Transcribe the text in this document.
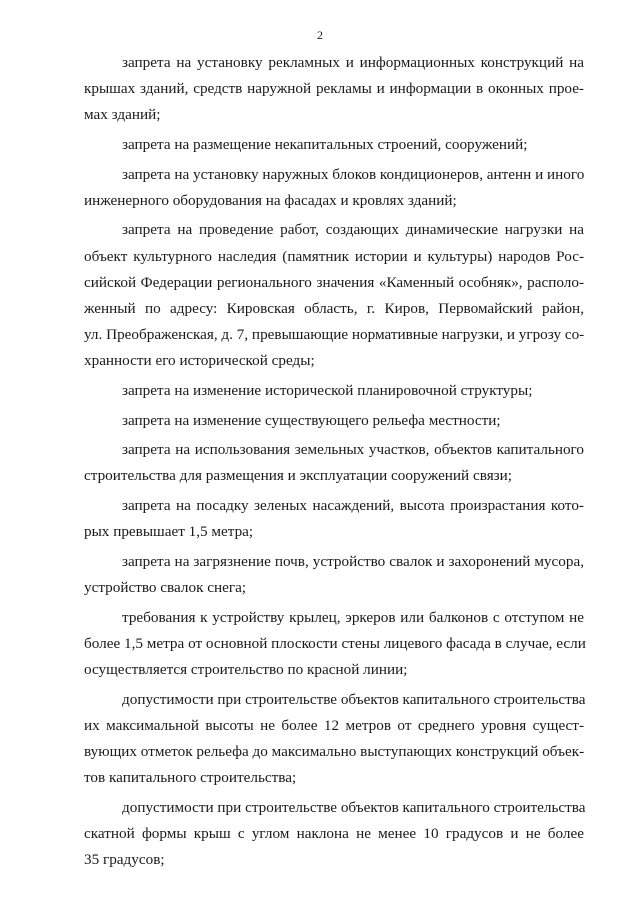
2
запрета на установку рекламных и информационных конструкций на
крышах зданий, средств наружной рекламы и информации в оконных прое-
мах зданий;
запрета на размещение некапитальных строений, сооружений;
запрета на установку наружных блоков кондиционеров, антенн и иного
инженерного оборудования на фасадах и кровлях зданий;
запрета на проведение работ, создающих динамические нагрузки на
объект культурного наследия (памятник истории и культуры) народов Рос-
сийской Федерации регионального значения «Каменный особняк», располо-
женный по адресу: Кировская область, г. Киров, Первомайский район,
ул. Преображенская, д. 7, превышающие нормативные нагрузки, и угрозу со-
хранности его исторической среды;
запрета на изменение исторической планировочной структуры;
запрета на изменение существующего рельефа местности;
запрета на использования земельных участков, объектов капитального
строительства для размещения и эксплуатации сооружений связи;
запрета на посадку зеленых насаждений, высота произрастания кото-
рых превышает 1,5 метра;
запрета на загрязнение почв, устройство свалок и захоронений мусора,
устройство свалок снега;
требования к устройству крылец, эркеров или балконов с отступом не
более 1,5 метра от основной плоскости стены лицевого фасада в случае, если
осуществляется строительство по красной линии;
допустимости при строительстве объектов капитального строительства
их максимальной высоты не более 12 метров от среднего уровня сущест-
вующих отметок рельефа до максимально выступающих конструкций объек-
тов капитального строительства;
допустимости при строительстве объектов капитального строительства
скатной формы крыш с углом наклона не менее 10 градусов и не более
35 градусов;
